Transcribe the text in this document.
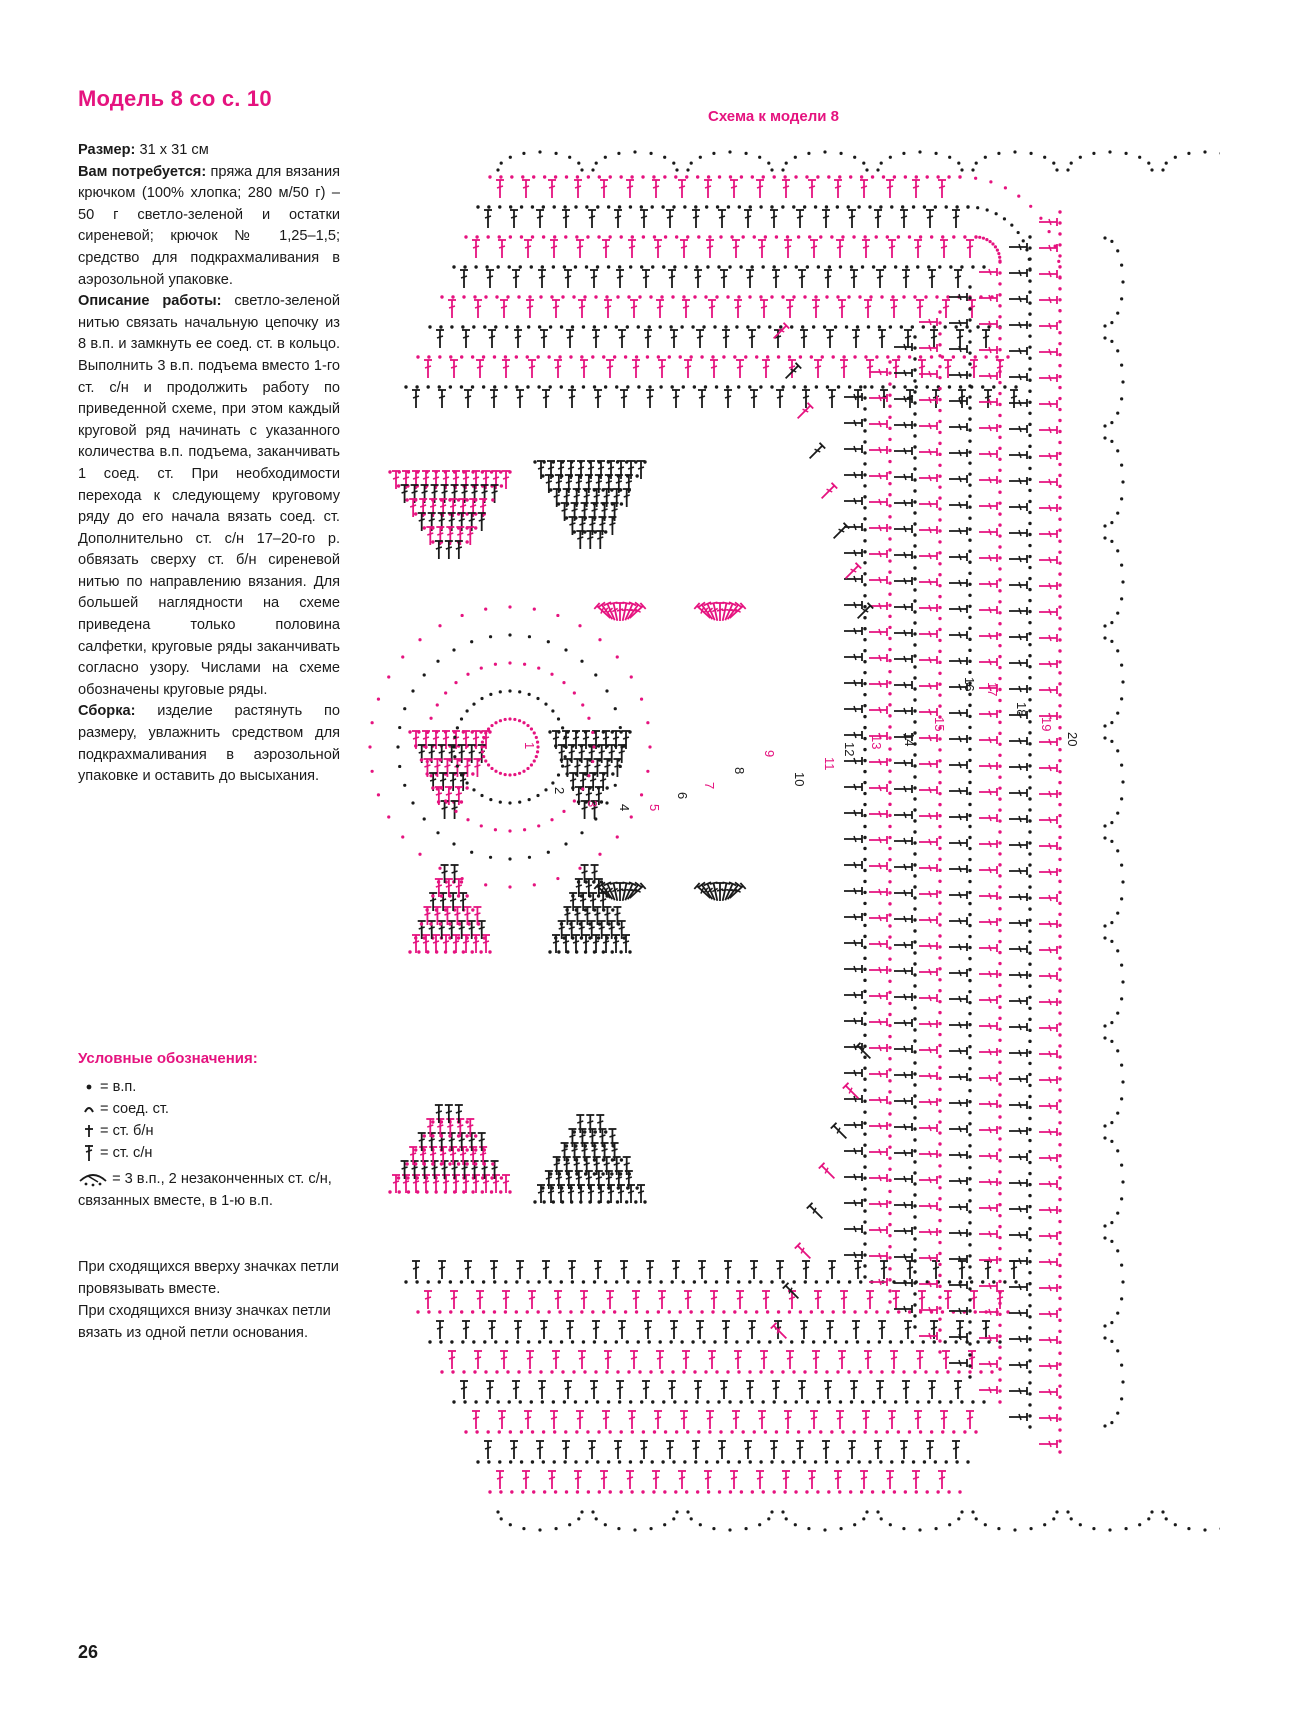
Модель 8 со с. 10

Размер: 31 x 31 см

Вам потребуется: пряжа для вязания крючком (100% хлопка; 280 м/50 г) – 50 г светло-зеленой и остатки сиреневой; крючок № 1,25–1,5; средство для подкрахмаливания в аэрозольной упаковке.

Описание работы: светло-зеленой нитью связать начальную цепочку из 8 в.п. и замкнуть ее соед. ст. в кольцо. Выполнить 3 в.п. подъема вместо 1-го ст. с/н и продолжить работу по приведенной схеме, при этом каждый круговой ряд начинать с указанного количества в.п. подъема, заканчивать 1 соед. ст. При необходимости перехода к следующему круговому ряду до его начала вязать соед. ст. Дополнительно ст. с/н 17–20-го р. обвязать сверху ст. б/н сиреневой нитью по направлению вязания. Для большей наглядности на схеме приведена только половина салфетки, круговые ряды заканчивать согласно узору. Числами на схеме обозначены круговые ряды.

Сборка: изделие растянуть по размеру, увлажнить средством для подкрахмаливания в аэрозольной упаковке и оставить до высыхания.

Условные обозначения:
= в.п.
= соед. ст.
= ст. б/н
= ст. с/н
= 3 в.п., 2 незаконченных ст. с/н, связанных вместе, в 1-ю в.п.

При сходящихся вверху значках петли провязывать вместе.

При сходящихся внизу значках петли вязать из одной петли основания.

Схема к модели 8
1
2
3
4 5
6
7
8
9
10
11
12 13 14
15
16 17
18
19
20
26
